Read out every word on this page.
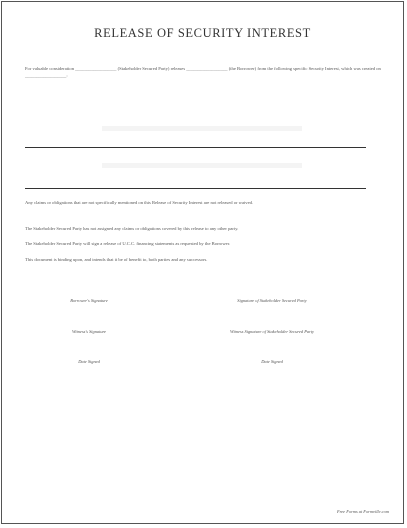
RELEASE OF SECURITY INTEREST
For valuable consideration __________________ (Stakeholder Secured Party) releases __________________ (the Borrower) from the following specific Security Interest, which was created on __________________:
Any claims or obligations that are not specifically mentioned on this Release of Security Interest are not released or waived.
The Stakeholder Secured Party has not assigned any claims or obligations covered by this release to any other party.
The Stakeholder Secured Party will sign a release of U.C.C. financing statements as requested by the Borrower.
This document is binding upon, and intends that it be of benefit to, both parties and any successors.
Borrower's Signature	Signature of Stakeholder Secured Party
Witness's Signature	Witness Signature of Stakeholder Secured Party
Date Signed	Date Signed
Free Forms at Formville.com
